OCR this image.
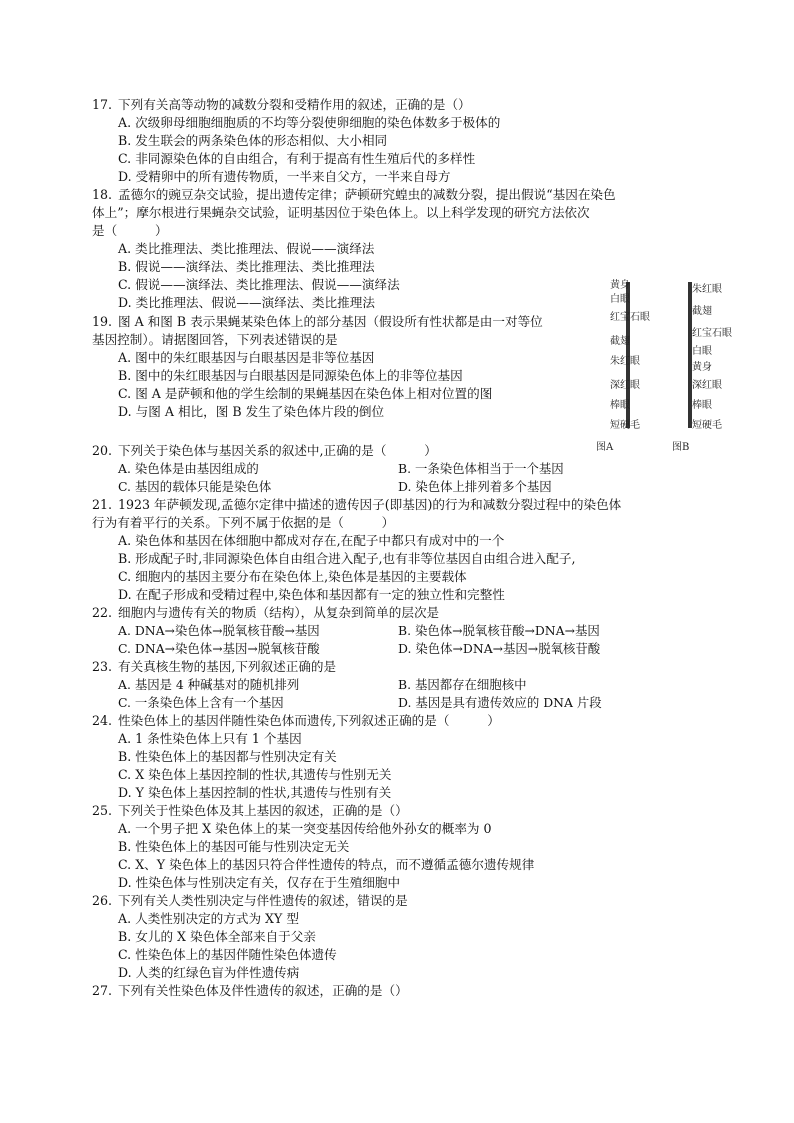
17. 下列有关高等动物的减数分裂和受精作用的叙述，正确的是（）
A. 次级卵母细胞细胞质的不均等分裂使卵细胞的染色体数多于极体的
B. 发生联会的两条染色体的形态相似、大小相同
C. 非同源染色体的自由组合，有利于提高有性生殖后代的多样性
D. 受精卵中的所有遗传物质，一半来自父方，一半来自母方
18. 孟德尔的豌豆杂交试验，提出遗传定律；萨顿研究蝗虫的减数分裂，提出假说“基因在染色
体上”；摩尔根进行果蝇杂交试验，证明基因位于染色体上。以上科学发现的研究方法依次
是（　　　）
A. 类比推理法、类比推理法、假说——演绎法
B. 假说——演绎法、类比推理法、类比推理法
C. 假说——演绎法、类比推理法、假说——演绎法
D. 类比推理法、假说——演绎法、类比推理法
19. 图 A 和图 B 表示果蝇某染色体上的部分基因（假设所有性状都是由一对等位
基因控制）。请据图回答，下列表述错误的是
A. 图中的朱红眼基因与白眼基因是非等位基因
B. 图中的朱红眼基因与白眼基因是同源染色体上的非等位基因
C. 图 A 是萨顿和他的学生绘制的果蝇基因在染色体上相对位置的图
D. 与图 A 相比，图 B 发生了染色体片段的倒位
黄身
白眼
红宝石眼
截翅
朱红眼
深红眼
棒眼
短硬毛
图A
朱红眼
截翅
红宝石眼
白眼
黄身
深红眼
棒眼
短硬毛
图B
20. 下列关于染色体与基因关系的叙述中,正确的是（　　　）
A. 染色体是由基因组成的	B. 一条染色体相当于一个基因
C. 基因的载体只能是染色体	D. 染色体上排列着多个基因
21. 1923 年萨顿发现,孟德尔定律中描述的遗传因子(即基因)的行为和减数分裂过程中的染色体
行为有着平行的关系。下列不属于依据的是（　　　）
A. 染色体和基因在体细胞中都成对存在,在配子中都只有成对中的一个
B. 形成配子时,非同源染色体自由组合进入配子,也有非等位基因自由组合进入配子,
C. 细胞内的基因主要分布在染色体上,染色体是基因的主要载体
D. 在配子形成和受精过程中,染色体和基因都有一定的独立性和完整性
22. 细胞内与遗传有关的物质（结构），从复杂到简单的层次是
A. DNA→染色体→脱氧核苷酸→基因	B. 染色体→脱氧核苷酸→DNA→基因
C. DNA→染色体→基因→脱氧核苷酸	D. 染色体→DNA→基因→脱氧核苷酸
23. 有关真核生物的基因,下列叙述正确的是
A. 基因是 4 种碱基对的随机排列	B. 基因都存在细胞核中
C. 一条染色体上含有一个基因	D. 基因是具有遗传效应的 DNA 片段
24. 性染色体上的基因伴随性染色体而遗传,下列叙述正确的是（　　　）
A. 1 条性染色体上只有 1 个基因
B. 性染色体上的基因都与性别决定有关
C. X 染色体上基因控制的性状,其遗传与性别无关
D. Y 染色体上基因控制的性状,其遗传与性别有关
25. 下列关于性染色体及其上基因的叙述，正确的是（）
A. 一个男子把 X 染色体上的某一突变基因传给他外孙女的概率为 0
B. 性染色体上的基因可能与性别决定无关
C. X、Y 染色体上的基因只符合伴性遗传的特点，而不遵循孟德尔遗传规律
D. 性染色体与性别决定有关，仅存在于生殖细胞中
26. 下列有关人类性别决定与伴性遗传的叙述，错误的是
A. 人类性别决定的方式为 XY 型
B. 女儿的 X 染色体全部来自于父亲
C. 性染色体上的基因伴随性染色体遗传
D. 人类的红绿色盲为伴性遗传病
27. 下列有关性染色体及伴性遗传的叙述，正确的是（）
